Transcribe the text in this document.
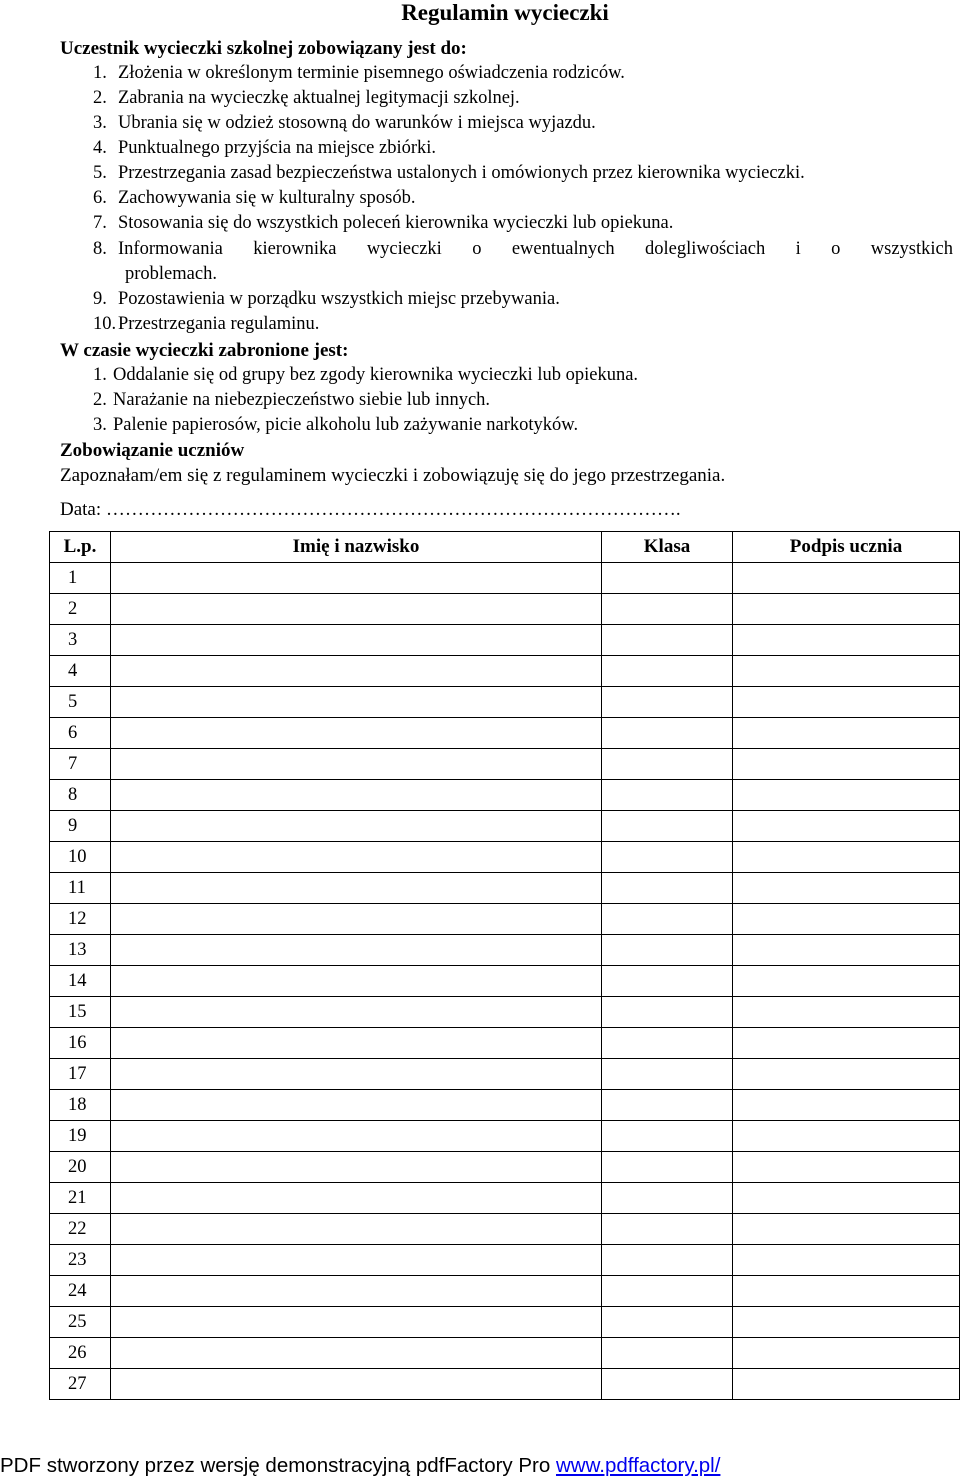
Regulamin wycieczki
Uczestnik wycieczki szkolnej zobowiązany jest do:
1. Złożenia w określonym terminie pisemnego oświadczenia rodziców.
2. Zabrania na wycieczkę aktualnej legitymacji szkolnej.
3. Ubrania się w odzież stosowną do warunków i miejsca wyjazdu.
4. Punktualnego przyjścia na miejsce zbiórki.
5. Przestrzegania zasad bezpieczeństwa ustalonych i omówionych przez kierownika wycieczki.
6. Zachowywania się w kulturalny sposób.
7. Stosowania się do wszystkich poleceń kierownika wycieczki lub opiekuna.
8. Informowania kierownika wycieczki o ewentualnych dolegliwościach i o wszystkich
problemach.
9. Pozostawienia w porządku wszystkich miejsc przebywania.
10. Przestrzegania regulaminu.
W czasie wycieczki zabronione jest:
1. Oddalanie się od grupy bez zgody kierownika wycieczki lub opiekuna.
2. Narażanie na niebezpieczeństwo siebie lub innych.
3. Palenie papierosów, picie alkoholu lub zażywanie narkotyków.
Zobowiązanie uczniów
Zapoznałam/em się z regulaminem wycieczki i zobowiązuję się do jego przestrzegania.
Data: ……………………………………………………………………………….
L.p.	Imię i nazwisko	Klasa	Podpis ucznia
1			
2			
3			
4			
5			
6			
7			
8			
9			
10			
11			
12			
13			
14			
15			
16			
17			
18			
19			
20			
21			
22			
23			
24			
25			
26			
27			
PDF stworzony przez wersję demonstracyjną pdfFactory Pro www.pdffactory.pl/
